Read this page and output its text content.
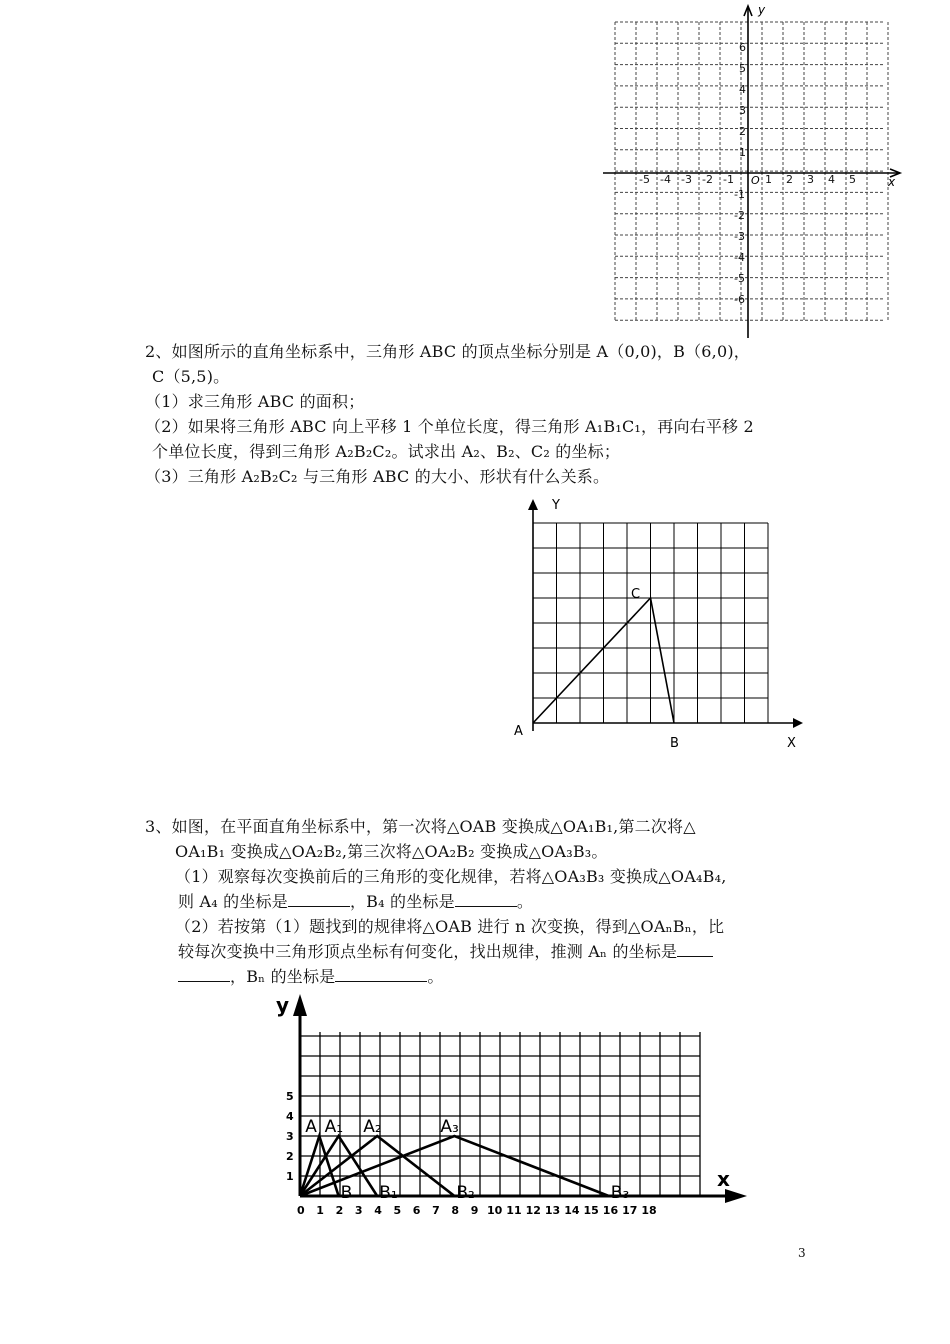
-5 -4 -3 -2 -1	1 2 3 4 5
6
5
4
3
2
1
-1
-2
-3
-4
-5
-6
y
x
O
2、如图所示的直角坐标系中，三角形 ABC 的顶点坐标分别是 A（0,0)，B（6,0)，
C（5,5)。
（1）求三角形 ABC 的面积；
（2）如果将三角形 ABC 向上平移 1 个单位长度，得三角形 A₁B₁C₁，再向右平移 2
个单位长度，得到三角形 A₂B₂C₂。试求出 A₂、B₂、C₂ 的坐标；
（3）三角形 A₂B₂C₂ 与三角形 ABC 的大小、形状有什么关系。
Y
X
A
B
C
3、如图，在平面直角坐标系中，第一次将△OAB 变换成△OA₁B₁,第二次将△
OA₁B₁ 变换成△OA₂B₂,第三次将△OA₂B₂ 变换成△OA₃B₃。
（1）观察每次变换前后的三角形的变化规律，若将△OA₃B₃ 变换成△OA₄B₄,
则 A₄ 的坐标是	，B₄ 的坐标是	。
（2）若按第（1）题找到的规律将△OAB 进行 n 次变换，得到△OAₙBₙ，比
较每次变换中三角形顶点坐标有何变化，找出规律，推测 Aₙ 的坐标是
，Bₙ 的坐标是	。
0 1 2 3 4 5 6 7 8 9 10 11 12 13 14 15 16 17 18
1
2
3
4
5
A A₁ A₂	A₃
B B₁	B₂	B₃
y
x
3
